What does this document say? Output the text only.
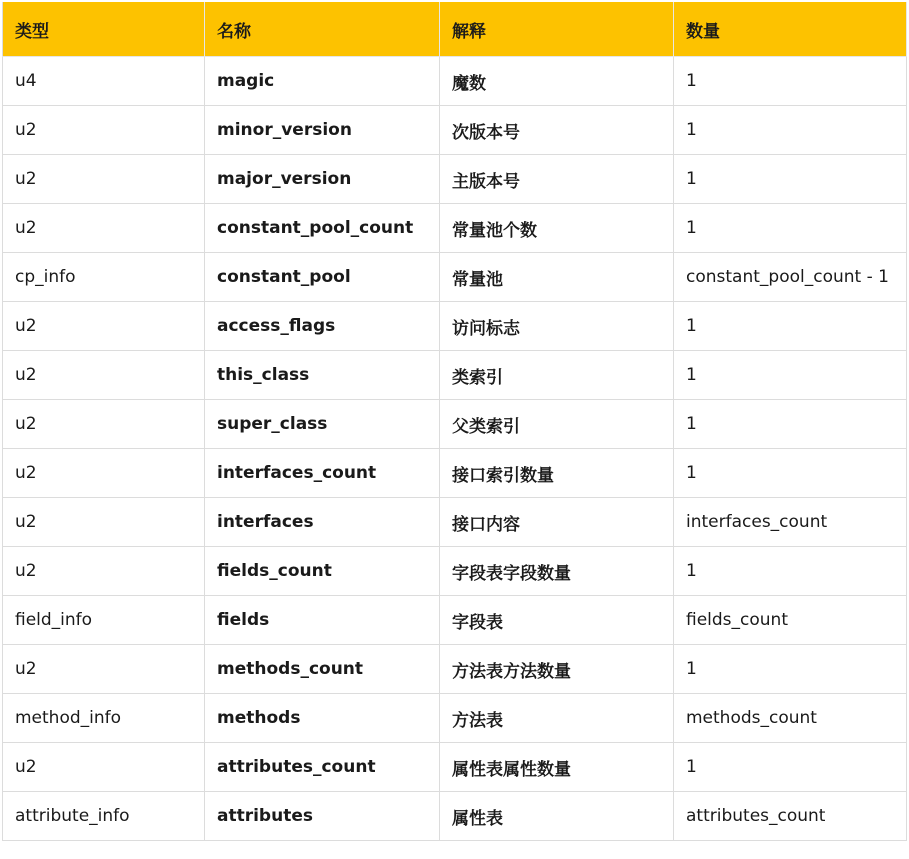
类型	名称	解释	数量
u4	magic	魔数	1
u2	minor_version	次版本号	1
u2	major_version	主版本号	1
u2	constant_pool_count	常量池个数	1
cp_info	constant_pool	常量池	constant_pool_count - 1
u2	access_flags	访问标志	1
u2	this_class	类索引	1
u2	super_class	父类索引	1
u2	interfaces_count	接口索引数量	1
u2	interfaces	接口内容	interfaces_count
u2	fields_count	字段表字段数量	1
field_info	fields	字段表	fields_count
u2	methods_count	方法表方法数量	1
method_info	methods	方法表	methods_count
u2	attributes_count	属性表属性数量	1
attribute_info	attributes	属性表	attributes_count
